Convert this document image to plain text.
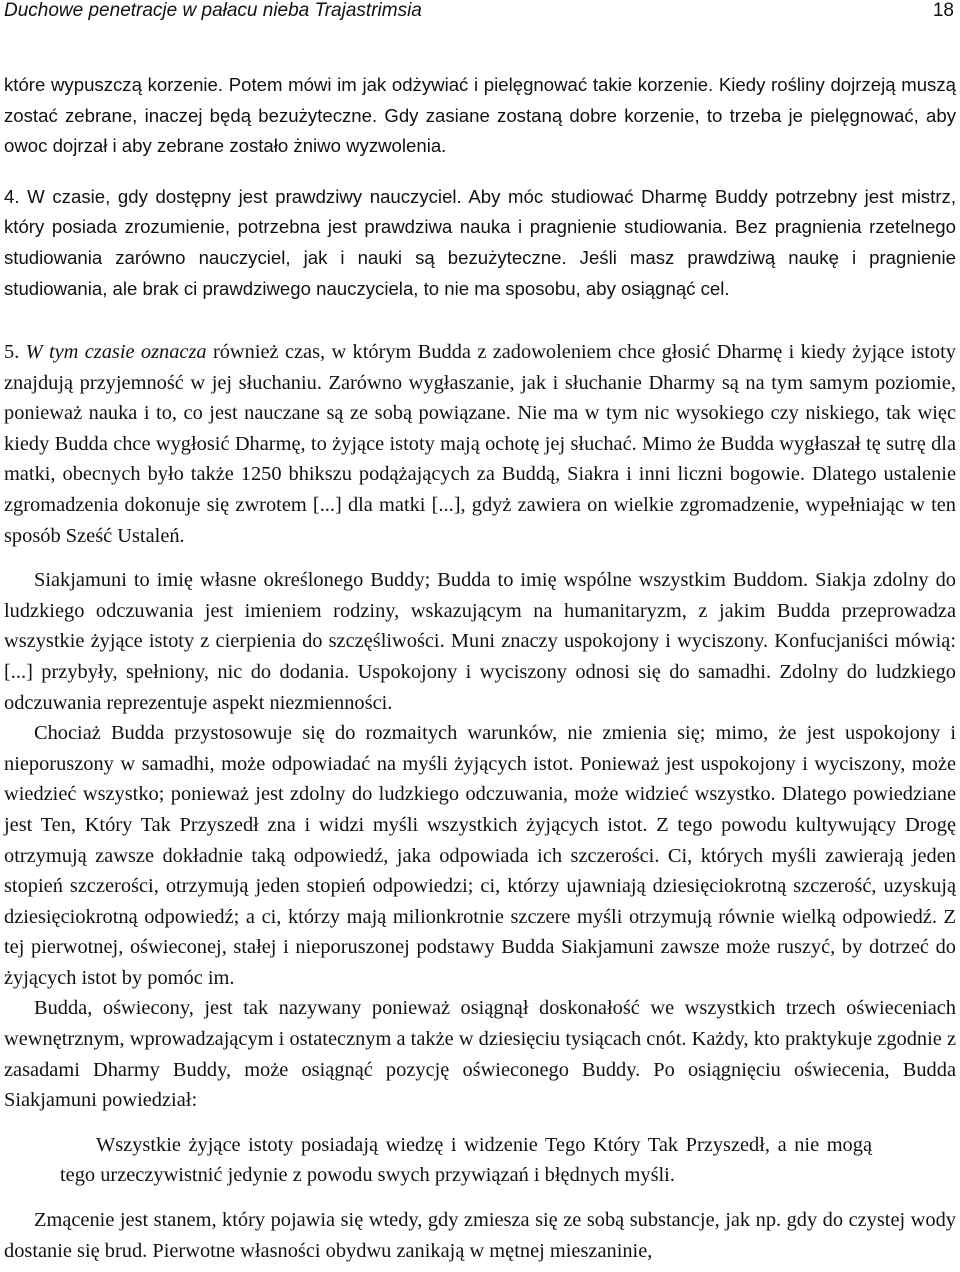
Duchowe penetracje w pałacu nieba Trajastrimsia	18

które wypuszczą korzenie. Potem mówi im jak odżywiać i pielęgnować takie korzenie. Kiedy rośliny dojrzeją muszą zostać zebrane, inaczej będą bezużyteczne. Gdy zasiane zostaną dobre korzenie, to trzeba je pielęgnować, aby owoc dojrzał i aby zebrane zostało żniwo wyzwolenia.

4. W czasie, gdy dostępny jest prawdziwy nauczyciel. Aby móc studiować Dharmę Buddy potrzebny jest mistrz, który posiada zrozumienie, potrzebna jest prawdziwa nauka i pragnienie studiowania. Bez pragnienia rzetelnego studiowania zarówno nauczyciel, jak i nauki są bezużyteczne. Jeśli masz prawdziwą naukę i pragnienie studiowania, ale brak ci prawdziwego nauczyciela, to nie ma sposobu, aby osiągnąć cel.

5. W tym czasie oznacza również czas, w którym Budda z zadowoleniem chce głosić Dharmę i kiedy żyjące istoty znajdują przyjemność w jej słuchaniu. Zarówno wygłaszanie, jak i słuchanie Dharmy są na tym samym poziomie, ponieważ nauka i to, co jest nauczane są ze sobą powiązane. Nie ma w tym nic wysokiego czy niskiego, tak więc kiedy Budda chce wygłosić Dharmę, to żyjące istoty mają ochotę jej słuchać. Mimo że Budda wygłaszał tę sutrę dla matki, obecnych było także 1250 bhikszu podążających za Buddą, Siakra i inni liczni bogowie. Dlatego ustalenie zgromadzenia dokonuje się zwrotem [...] dla matki [...], gdyż zawiera on wielkie zgromadzenie, wypełniając w ten sposób Sześć Ustaleń.

Siakjamuni to imię własne określonego Buddy; Budda to imię wspólne wszystkim Buddom. Siakja zdolny do ludzkiego odczuwania jest imieniem rodziny, wskazującym na humanitaryzm, z jakim Budda przeprowadza wszystkie żyjące istoty z cierpienia do szczęśliwości. Muni znaczy uspokojony i wyciszony. Konfucjaniści mówią: [...] przybyły, spełniony, nic do dodania. Uspokojony i wyciszony odnosi się do samadhi. Zdolny do ludzkiego odczuwania reprezentuje aspekt niezmienności.

Chociaż Budda przystosowuje się do rozmaitych warunków, nie zmienia się; mimo, że jest uspokojony i nieporuszony w samadhi, może odpowiadać na myśli żyjących istot. Ponieważ jest uspokojony i wyciszony, może wiedzieć wszystko; ponieważ jest zdolny do ludzkiego odczuwania, może widzieć wszystko. Dlatego powiedziane jest Ten, Który Tak Przyszedł zna i widzi myśli wszystkich żyjących istot. Z tego powodu kultywujący Drogę otrzymują zawsze dokładnie taką odpowiedź, jaka odpowiada ich szczerości. Ci, których myśli zawierają jeden stopień szczerości, otrzymują jeden stopień odpowiedzi; ci, którzy ujawniają dziesięciokrotną szczerość, uzyskują dziesięciokrotną odpowiedź; a ci, którzy mają milionkrotnie szczere myśli otrzymują równie wielką odpowiedź. Z tej pierwotnej, oświeconej, stałej i nieporuszonej podstawy Budda Siakjamuni zawsze może ruszyć, by dotrzeć do żyjących istot by pomóc im.

Budda, oświecony, jest tak nazywany ponieważ osiągnął doskonałość we wszystkich trzech oświeceniach wewnętrznym, wprowadzającym i ostatecznym a także w dziesięciu tysiącach cnót. Każdy, kto praktykuje zgodnie z zasadami Dharmy Buddy, może osiągnąć pozycję oświeconego Buddy. Po osiągnięciu oświecenia, Budda Siakjamuni powiedział:

Wszystkie żyjące istoty posiadają wiedzę i widzenie Tego Który Tak Przyszedł, a nie mogą tego urzeczywistnić jedynie z powodu swych przywiązań i błędnych myśli.

Zmącenie jest stanem, który pojawia się wtedy, gdy zmiesza się ze sobą substancje, jak np. gdy do czystej wody dostanie się brud. Pierwotne własności obydwu zanikają w mętnej mieszaninie,
